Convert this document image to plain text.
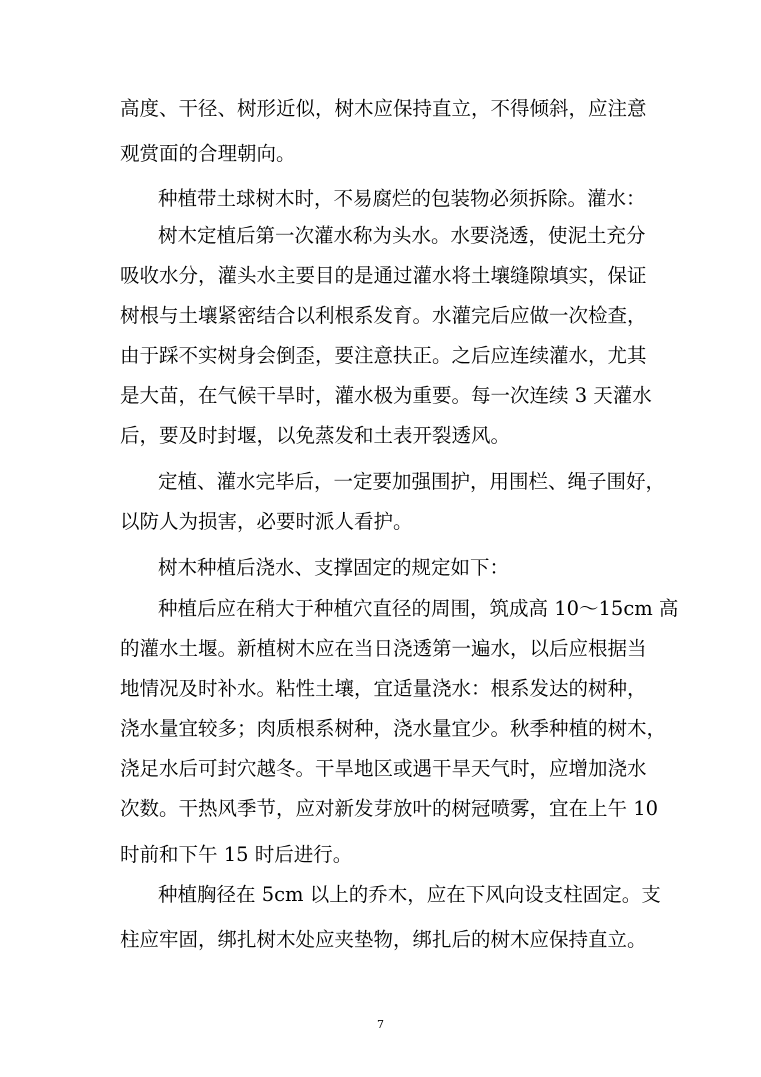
高度、干径、树形近似，树木应保持直立，不得倾斜，应注意
观赏面的合理朝向。
种植带土球树木时，不易腐烂的包装物必须拆除。灌水：
树木定植后第一次灌水称为头水。水要浇透，使泥土充分
吸收水分，灌头水主要目的是通过灌水将土壤缝隙填实，保证
树根与土壤紧密结合以利根系发育。水灌完后应做一次检查，
由于踩不实树身会倒歪，要注意扶正。之后应连续灌水，尤其
是大苗，在气候干旱时，灌水极为重要。每一次连续 3 天灌水
后，要及时封堰，以免蒸发和土表开裂透风。
定植、灌水完毕后，一定要加强围护，用围栏、绳子围好，
以防人为损害，必要时派人看护。
树木种植后浇水、支撑固定的规定如下：
种植后应在稍大于种植穴直径的周围，筑成高 10～15cm 高
的灌水土堰。新植树木应在当日浇透第一遍水，以后应根据当
地情况及时补水。粘性土壤，宜适量浇水：根系发达的树种，
浇水量宜较多；肉质根系树种，浇水量宜少。秋季种植的树木，
浇足水后可封穴越冬。干旱地区或遇干旱天气时，应增加浇水
次数。干热风季节，应对新发芽放叶的树冠喷雾，宜在上午 10
时前和下午 15 时后进行。
种植胸径在 5cm 以上的乔木，应在下风向设支柱固定。支
柱应牢固，绑扎树木处应夹垫物，绑扎后的树木应保持直立。
7
